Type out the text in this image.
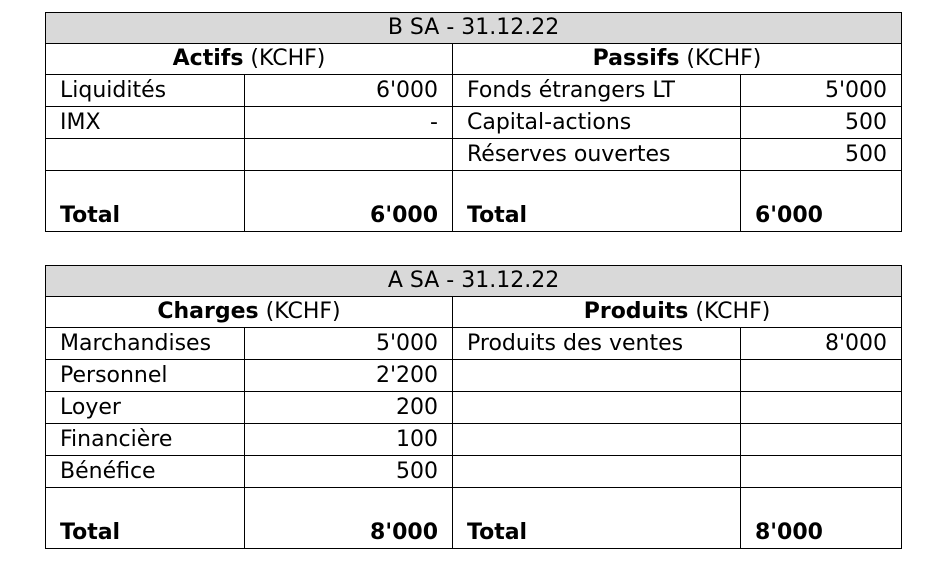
B SA - 31.12.22			
Actifs (KCHF)		Passifs (KCHF)	
Liquidités	6'000	Fonds étrangers LT	5'000
IMX	-	Capital-actions	500
		Réserves ouvertes	500
Total	6'000	Total	6'000
A SA - 31.12.22			
Charges (KCHF)		Produits (KCHF)	
Marchandises	5'000	Produits des ventes	8'000
Personnel	2'200		
Loyer	200		
Financière	100		
Bénéfice	500		
Total	8'000	Total	8'000
